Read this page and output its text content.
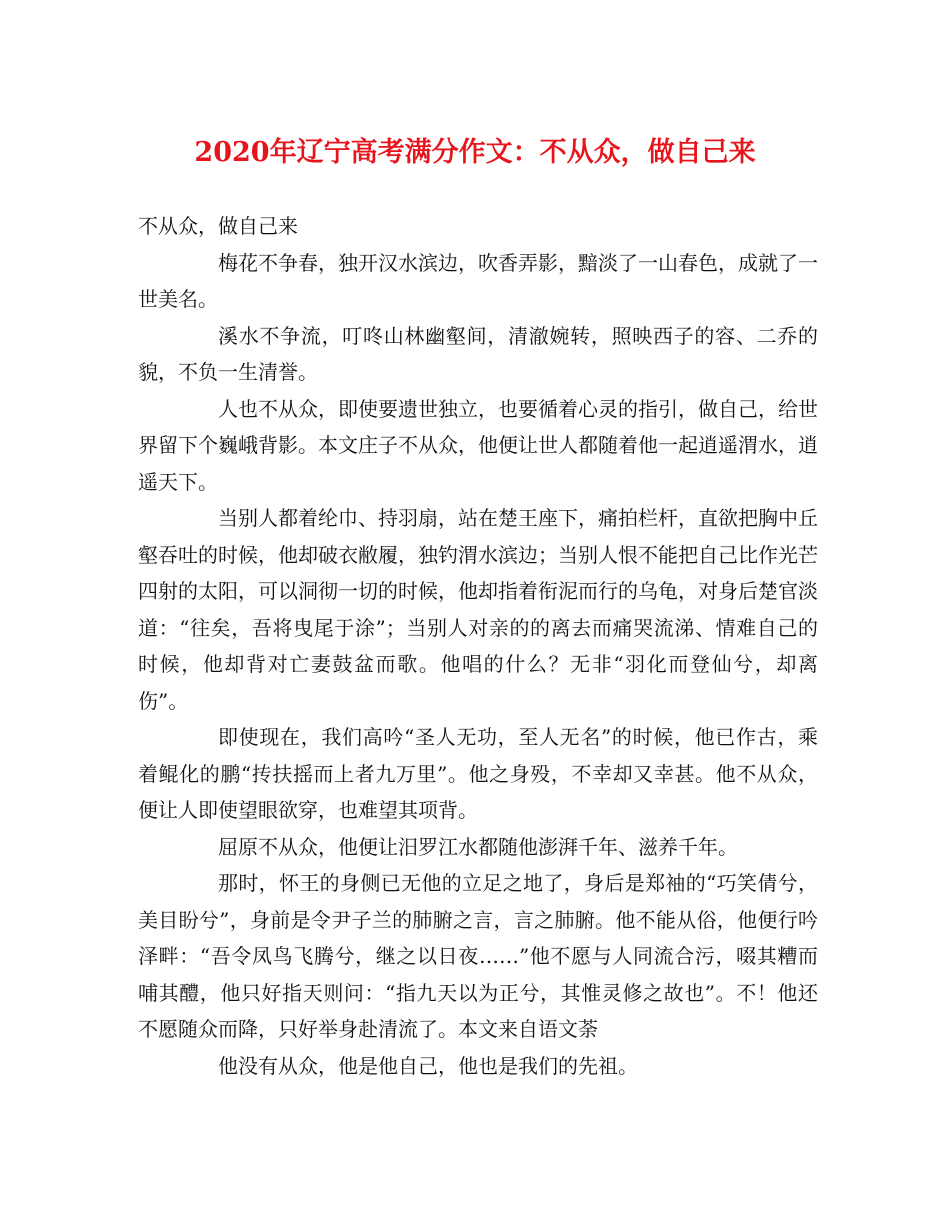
2020年辽宁高考满分作文：不从众，做自己来

不从众，做自己来

梅花不争春，独开汉水滨边，吹香弄影，黯淡了一山春色，成就了一世美名。

溪水不争流，叮咚山林幽壑间，清澈婉转，照映西子的容、二乔的貌，不负一生清誉。

人也不从众，即使要遗世独立，也要循着心灵的指引，做自己，给世界留下个巍峨背影。本文庄子不从众，他便让世人都随着他一起逍遥渭水，逍遥天下。

当别人都着纶巾、持羽扇，站在楚王座下，痛拍栏杆，直欲把胸中丘壑吞吐的时候，他却破衣敝履，独钓渭水滨边；当别人恨不能把自己比作光芒四射的太阳，可以洞彻一切的时候，他却指着衔泥而行的乌龟，对身后楚官淡道：“往矣，吾将曳尾于涂”；当别人对亲的的离去而痛哭流涕、情难自己的时候，他却背对亡妻鼓盆而歌。他唱的什么？无非“羽化而登仙兮，却离伤”。

即使现在，我们高吟“圣人无功，至人无名”的时候，他已作古，乘着鲲化的鹏“抟扶摇而上者九万里”。他之身殁，不幸却又幸甚。他不从众，便让人即使望眼欲穿，也难望其项背。

屈原不从众，他便让汨罗江水都随他澎湃千年、滋养千年。

那时，怀王的身侧已无他的立足之地了，身后是郑袖的“巧笑倩兮，美目盼兮”，身前是令尹子兰的肺腑之言，言之肺腑。他不能从俗，他便行吟泽畔：“吾令凤鸟飞腾兮，继之以日夜……”他不愿与人同流合污，啜其糟而哺其醴，他只好指天则问：“指九天以为正兮，其惟灵修之故也”。不！他还不愿随众而降，只好举身赴清流了。本文来自语文荼

他没有从众，他是他自己，他也是我们的先祖。
